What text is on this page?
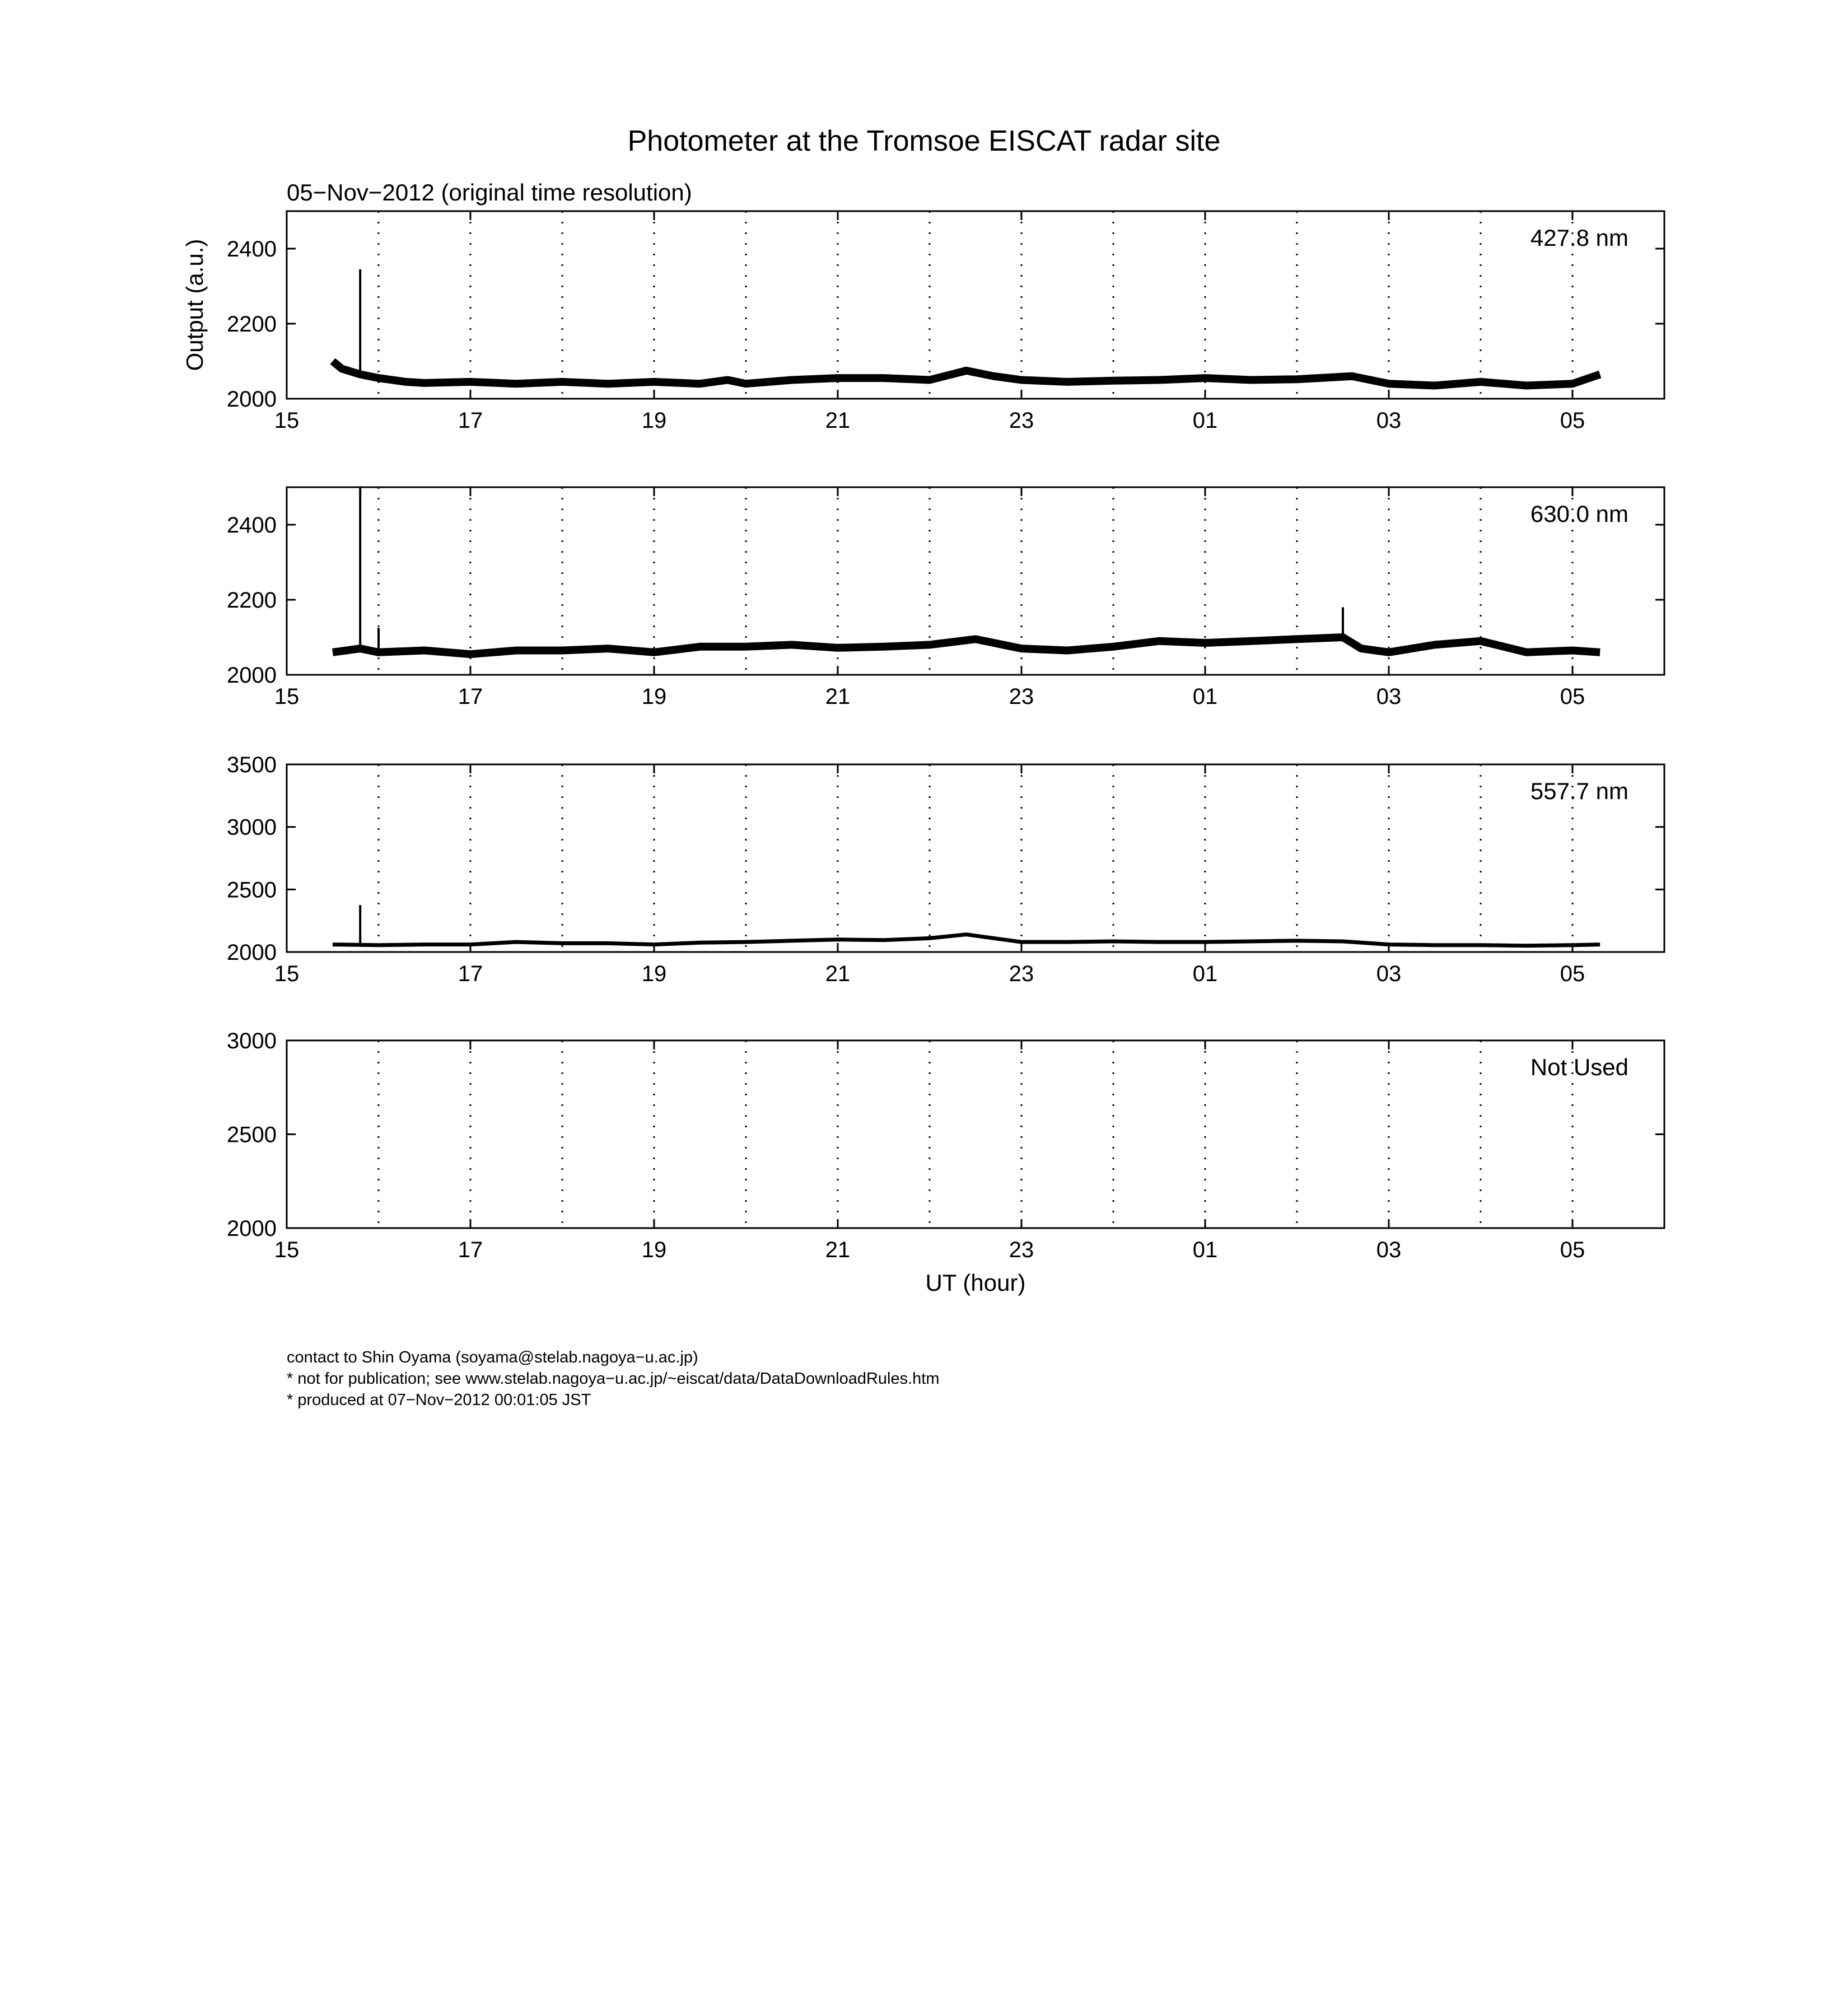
Photometer at the Tromsoe EISCAT radar site
05−Nov−2012 (original time resolution)
15	17	19	21	23	01	03	05
2000
2200
2400	427.8 nm
Output (a.u.)
15	17	19	21	23	01	03	05
2000
2200
2400	630.0 nm
15	17	19	21	23	01	03	05
2000
2500
3000
3500
557.7 nm
15	17	19	21	23	01	03	05
2000
2500
3000
Not Used
UT (hour)
contact to Shin Oyama (soyama@stelab.nagoya−u.ac.jp)
* not for publication; see www.stelab.nagoya−u.ac.jp/~eiscat/data/DataDownloadRules.htm
* produced at 07−Nov−2012 00:01:05 JST
